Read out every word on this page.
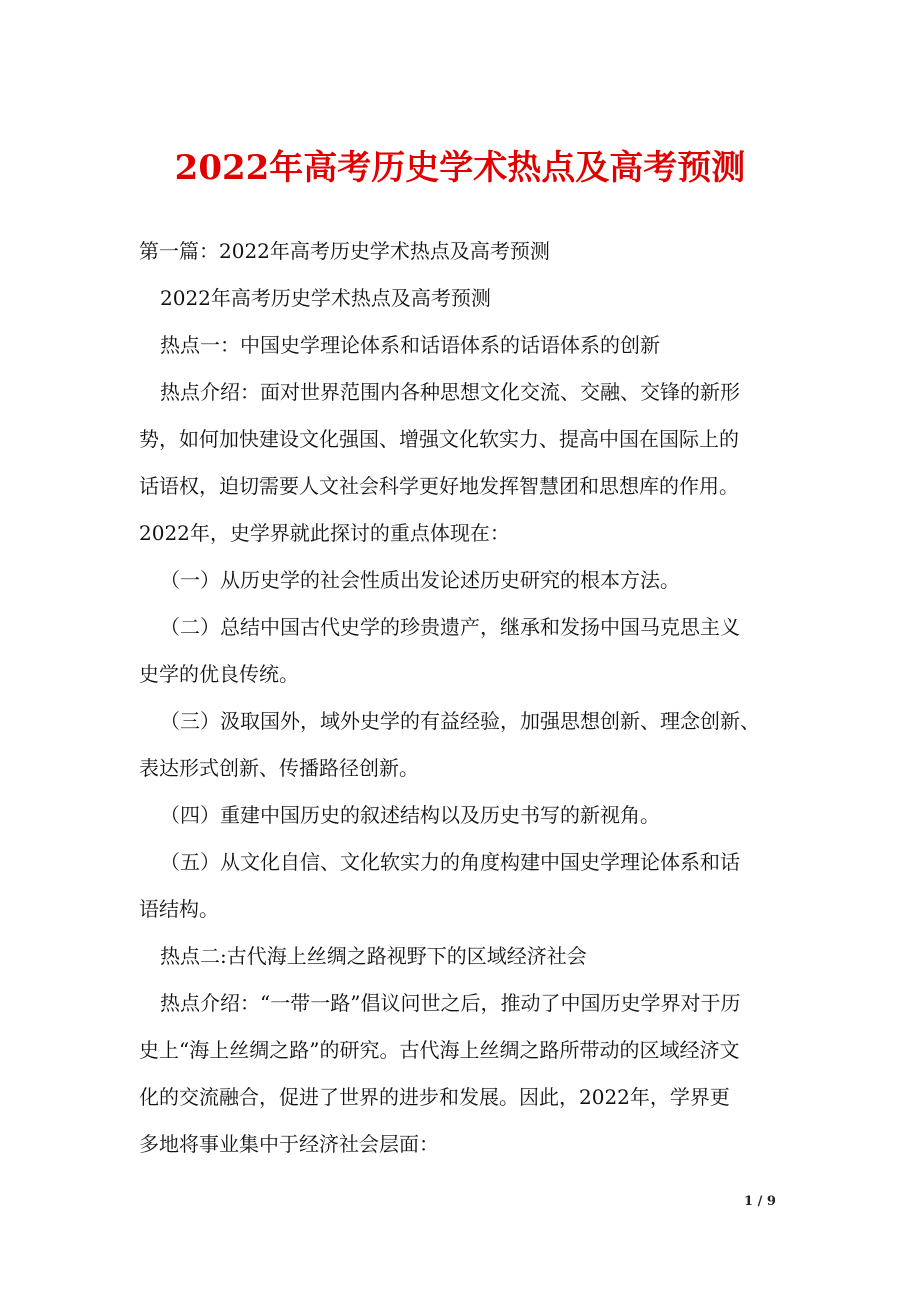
2022年高考历史学术热点及高考预测
第一篇：2022年高考历史学术热点及高考预测
2022年高考历史学术热点及高考预测
热点一：中国史学理论体系和话语体系的话语体系的创新
热点介绍：面对世界范围内各种思想文化交流、交融、交锋的新形
势，如何加快建设文化强国、增强文化软实力、提高中国在国际上的
话语权，迫切需要人文社会科学更好地发挥智慧团和思想库的作用。
2022年，史学界就此探讨的重点体现在：
（一）从历史学的社会性质出发论述历史研究的根本方法。
（二）总结中国古代史学的珍贵遗产，继承和发扬中国马克思主义
史学的优良传统。
（三）汲取国外，域外史学的有益经验，加强思想创新、理念创新、
表达形式创新、传播路径创新。
（四）重建中国历史的叙述结构以及历史书写的新视角。
（五）从文化自信、文化软实力的角度构建中国史学理论体系和话
语结构。
热点二:古代海上丝绸之路视野下的区域经济社会
热点介绍：“一带一路”倡议问世之后，推动了中国历史学界对于历
史上“海上丝绸之路”的研究。古代海上丝绸之路所带动的区域经济文
化的交流融合，促进了世界的进步和发展。因此，2022年，学界更
多地将事业集中于经济社会层面：
1 / 9
